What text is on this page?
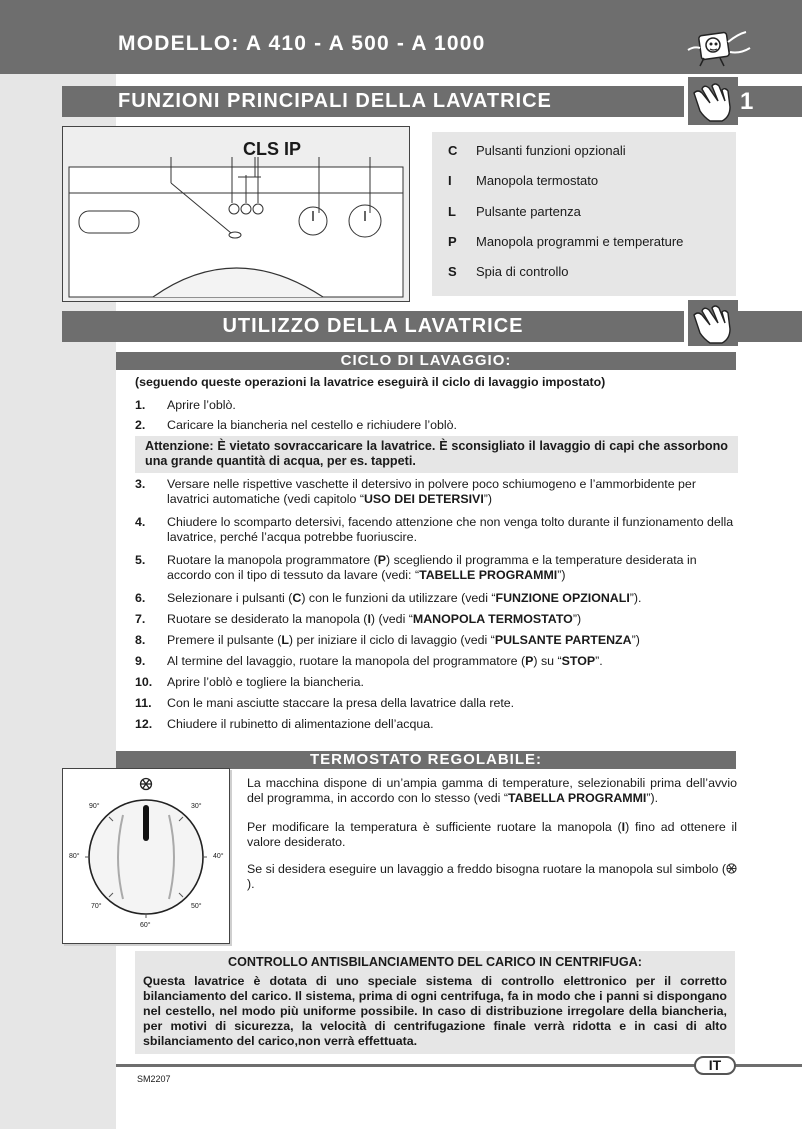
MODELLO: A 410 - A 500 - A 1000
FUNZIONI PRINCIPALI DELLA LAVATRICE	1
CLS IP	C Pulsanti funzioni opzionali
I Manopola termostato
L Pulsante partenza
P Manopola programmi e temperature
S Spia di controllo
UTILIZZO DELLA LAVATRICE
CICLO DI LAVAGGIO:
(seguendo queste operazioni la lavatrice eseguirà il ciclo di lavaggio impostato)
1. Aprire l’oblò.
2. Caricare la biancheria nel cestello e richiudere l’oblò.
Attenzione: È vietato sovraccaricare la lavatrice. È sconsigliato il lavaggio di capi che assorbono una grande quantità di acqua, per es. tappeti.
3. Versare nelle rispettive vaschette il detersivo in polvere poco schiumogeno e l’ammorbidente per lavatrici automatiche (vedi capitolo “USO DEI DETERSIVI”)
4. Chiudere lo scomparto detersivi, facendo attenzione che non venga tolto durante il funzionamento della lavatrice, perché l’acqua potrebbe fuoriuscire.
5. Ruotare la manopola programmatore (P) scegliendo il programma e la temperature desiderata in accordo con il tipo di tessuto da lavare (vedi: “TABELLE PROGRAMMI”)
6. Selezionare i pulsanti (C) con le funzioni da utilizzare (vedi “FUNZIONE OPZIONALI”).
7. Ruotare se desiderato la manopola (I) (vedi “MANOPOLA TERMOSTATO”)
8. Premere il pulsante (L) per iniziare il ciclo di lavaggio (vedi “PULSANTE PARTENZA”)
9. Al termine del lavaggio, ruotare la manopola del programmatore (P) su “STOP”.
10. Aprire l’oblò e togliere la biancheria.
11. Con le mani asciutte staccare la presa della lavatrice dalla rete.
12. Chiudere il rubinetto di alimentazione dell’acqua.
TERMOSTATO REGOLABILE:
90°	30°
80°	40°
70°	50°
60°
La macchina dispone di un’ampia gamma di temperature, selezionabili prima dell’avvio del programma, in accordo con lo stesso (vedi “TABELLA PROGRAMMI”).
Per modificare la temperatura è sufficiente ruotare la manopola (I) fino ad ottenere il valore desiderato.
Se si desidera eseguire un lavaggio a freddo bisogna ruotare la manopola sul simbolo ().
CONTROLLO ANTISBILANCIAMENTO DEL CARICO IN CENTRIFUGA:
Questa lavatrice è dotata di uno speciale sistema di controllo elettronico per il corretto bilanciamento del carico. Il sistema, prima di ogni centrifuga, fa in modo che i panni si dispongano nel cestello, nel modo più uniforme possibile. In caso di distribuzione irregolare della biancheria, per motivi di sicurezza, la velocità di centrifugazione finale verrà ridotta e in casi di alto sbilanciamento del carico,non verrà effettuata.
IT
SM2207
